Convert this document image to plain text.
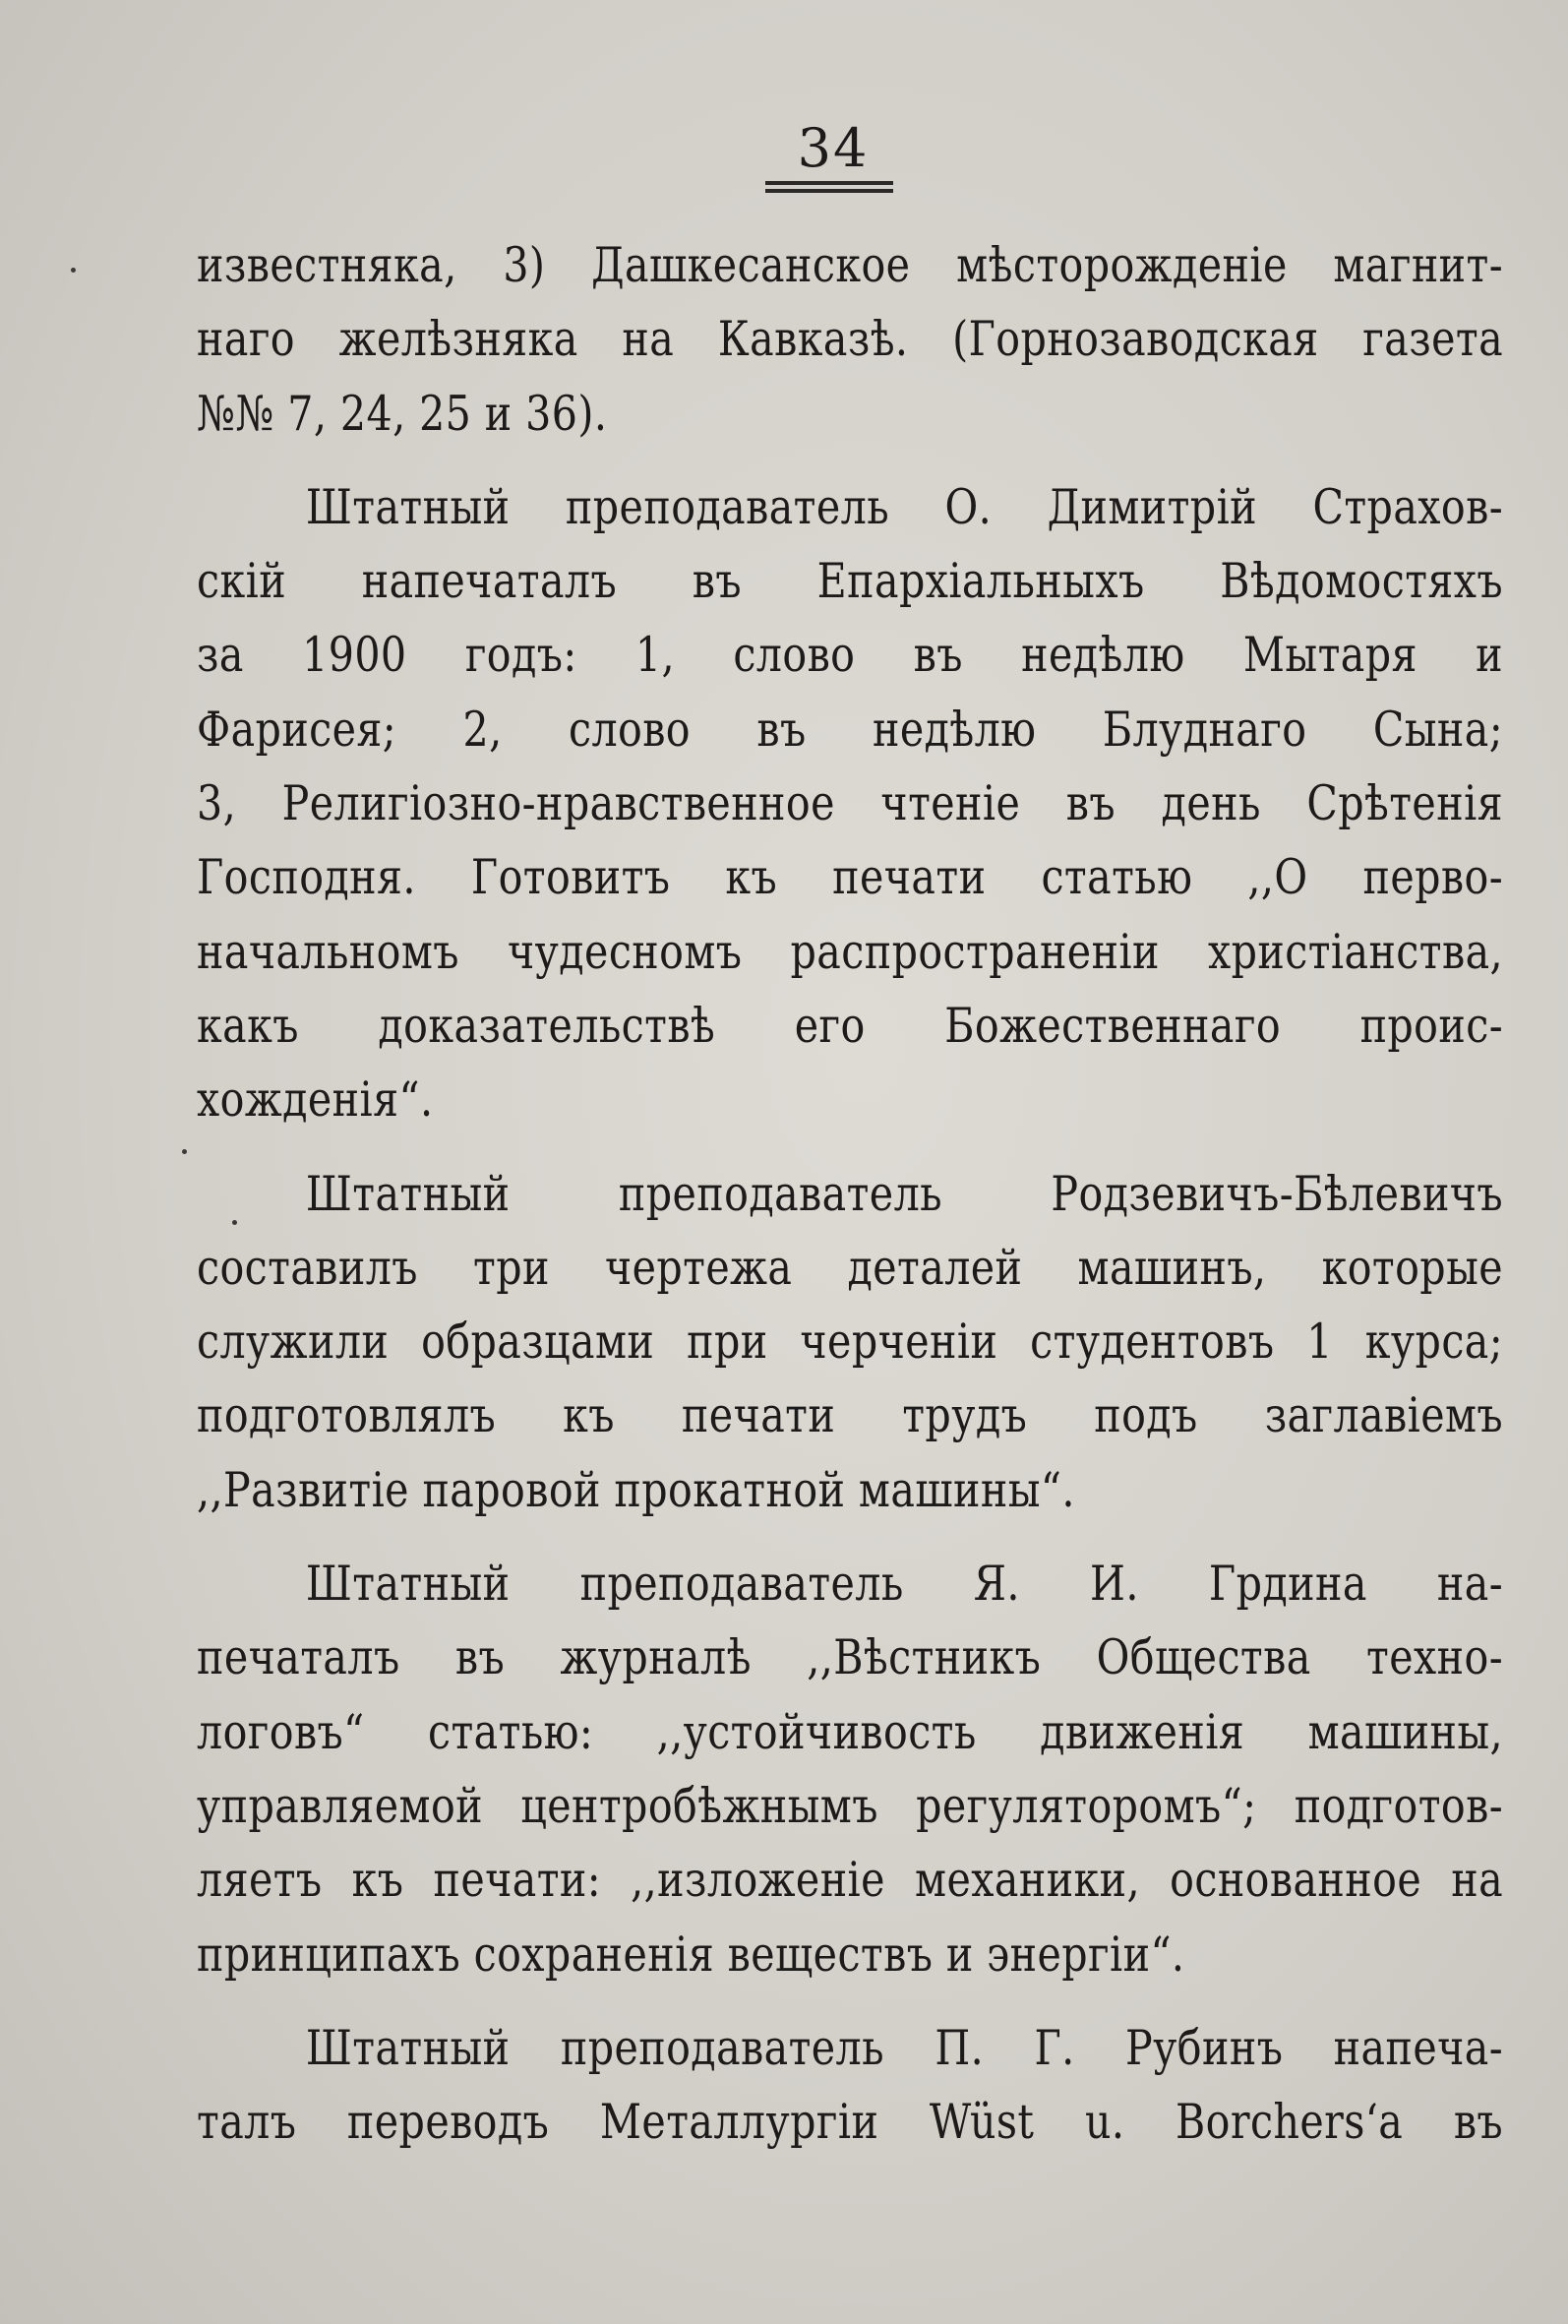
34
известняка, 3) Дашкесанское мѣсторожденіе магнит-
наго желѣзняка на Кавказѣ. (Горнозаводская газета
№№ 7, 24, 25 и 36).
Штатный преподаватель О. Димитрій Страхов-
скій напечаталъ въ Епархіальныхъ Вѣдомостяхъ
за 1900 годъ: 1, слово въ недѣлю Мытаря и
Фарисея; 2, слово въ недѣлю Блуднаго Сына;
3, Религіозно-нравственное чтеніе въ день Срѣтенія
Господня. Готовитъ къ печати статью ,,О перво-
начальномъ чудесномъ распространеніи христіанства,
какъ доказательствѣ его Божественнаго проис-
хожденія“.
Штатный преподаватель Родзевичъ-Бѣлевичъ
составилъ три чертежа деталей машинъ, которые
служили образцами при черченіи студентовъ 1 курса;
подготовлялъ къ печати трудъ подъ заглавіемъ
,,Развитіе паровой прокатной машины“.
Штатный преподаватель Я. И. Грдина на-
печаталъ въ журналѣ ,,Вѣстникъ Общества техно-
логовъ“ статью: ,,устойчивость движенія машины,
управляемой центробѣжнымъ регуляторомъ“; подготов-
ляетъ къ печати: ,,изложеніе механики, основанное на
принципахъ сохраненія веществъ и энергіи“.
Штатный преподаватель П. Г. Рубинъ напеча-
талъ переводъ Металлургіи Wüst u. Borchers‘a въ
